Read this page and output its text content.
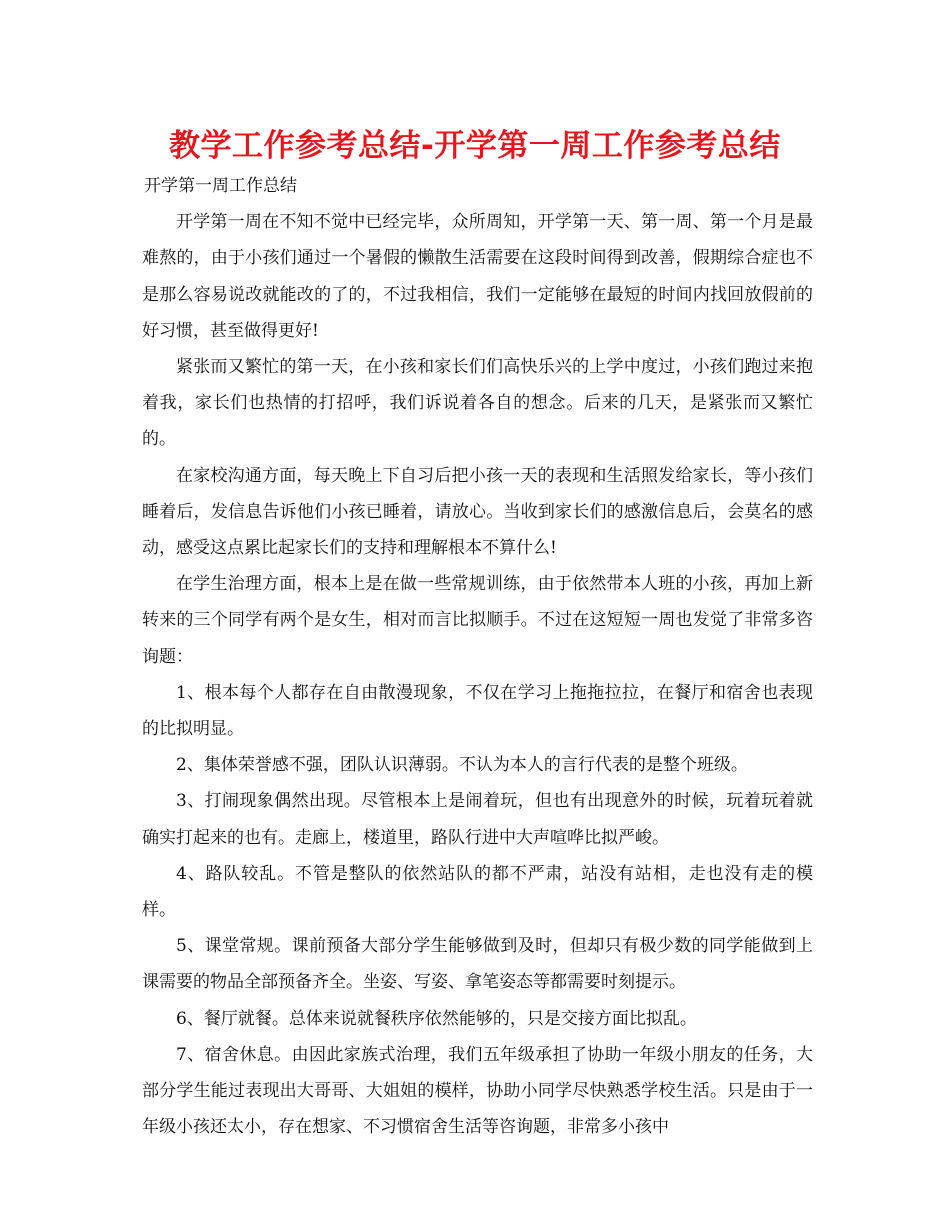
教学工作参考总结-开学第一周工作参考总结

开学第一周工作总结

开学第一周在不知不觉中已经完毕，众所周知，开学第一天、第一周、第一个月是最难熬的，由于小孩们通过一个暑假的懒散生活需要在这段时间得到改善，假期综合症也不是那么容易说改就能改的了的，不过我相信，我们一定能够在最短的时间内找回放假前的好习惯，甚至做得更好!

紧张而又繁忙的第一天，在小孩和家长们们高快乐兴的上学中度过，小孩们跑过来抱着我，家长们也热情的打招呼，我们诉说着各自的想念。后来的几天，是紧张而又繁忙的。

在家校沟通方面，每天晚上下自习后把小孩一天的表现和生活照发给家长，等小孩们睡着后，发信息告诉他们小孩已睡着，请放心。当收到家长们的感激信息后，会莫名的感动，感受这点累比起家长们的支持和理解根本不算什么!

在学生治理方面，根本上是在做一些常规训练，由于依然带本人班的小孩，再加上新转来的三个同学有两个是女生，相对而言比拟顺手。不过在这短短一周也发觉了非常多咨询题：

1、根本每个人都存在自由散漫现象，不仅在学习上拖拖拉拉，在餐厅和宿舍也表现的比拟明显。

2、集体荣誉感不强，团队认识薄弱。不认为本人的言行代表的是整个班级。

3、打闹现象偶然出现。尽管根本上是闹着玩，但也有出现意外的时候，玩着玩着就确实打起来的也有。走廊上，楼道里，路队行进中大声喧哗比拟严峻。

4、路队较乱。不管是整队的依然站队的都不严肃，站没有站相，走也没有走的模样。

5、课堂常规。课前预备大部分学生能够做到及时，但却只有极少数的同学能做到上课需要的物品全部预备齐全。坐姿、写姿、拿笔姿态等都需要时刻提示。

6、餐厅就餐。总体来说就餐秩序依然能够的，只是交接方面比拟乱。

7、宿舍休息。由因此家族式治理，我们五年级承担了协助一年级小朋友的任务，大部分学生能过表现出大哥哥、大姐姐的模样，协助小同学尽快熟悉学校生活。只是由于一年级小孩还太小，存在想家、不习惯宿舍生活等咨询题，非常多小孩中
